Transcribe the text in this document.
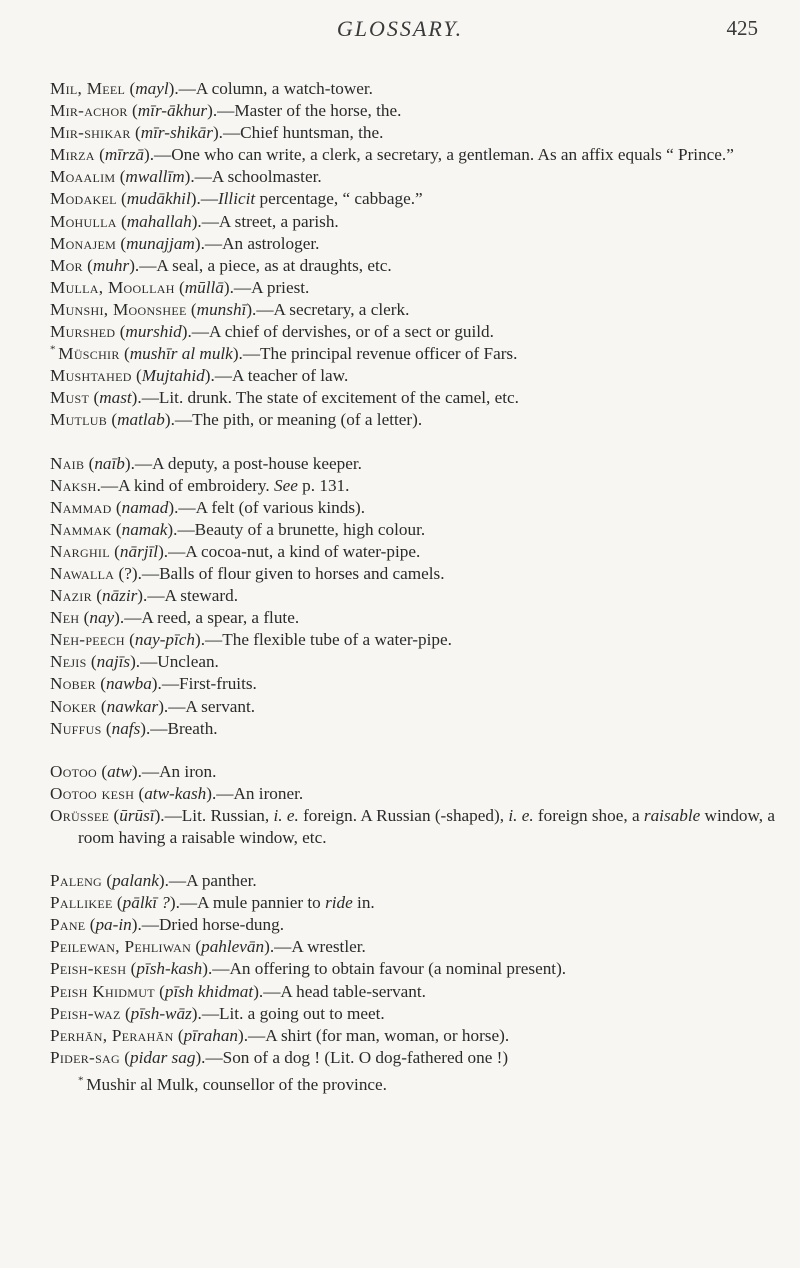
GLOSSARY.	425

Mil, Meel (mayl).—A column, a watch-tower.

Mir-achor (mīr-ākhur).—Master of the horse, the.

Mir-shikar (mīr-shikār).—Chief huntsman, the.

Mirza (mīrzā).—One who can write, a clerk, a secretary, a gentleman. As an affix equals “ Prince.”

Moaalim (mwallīm).—A schoolmaster.

Modakel (mudākhil).—Illicit percentage, “ cabbage.”

Mohulla (mahallah).—A street, a parish.

Monajem (munajjam).—An astrologer.

Mor (muhr).—A seal, a piece, as at draughts, etc.

Mulla, Moollah (mūllā).—A priest.

Munshi, Moonshee (munshī).—A secretary, a clerk.

Murshed (murshid).—A chief of dervishes, or of a sect or guild.

* Müschir (mushīr al mulk).—The principal revenue officer of Fars.

Mushtahed (Mujtahid).—A teacher of law.

Must (mast).—Lit. drunk. The state of excitement of the camel, etc.

Mutlub (matlab).—The pith, or meaning (of a letter).

Naib (naīb).—A deputy, a post-house keeper.

Naksh.—A kind of embroidery. See p. 131.

Nammad (namad).—A felt (of various kinds).

Nammak (namak).—Beauty of a brunette, high colour.

Narghil (nārjīl).—A cocoa-nut, a kind of water-pipe.

Nawalla (?).—Balls of flour given to horses and camels.

Nazir (nāzir).—A steward.

Neh (nay).—A reed, a spear, a flute.

Neh-peech (nay-pīch).—The flexible tube of a water-pipe.

Nejis (najīs).—Unclean.

Nober (nawba).—First-fruits.

Noker (nawkar).—A servant.

Nuffus (nafs).—Breath.

Ootoo (atw).—An iron.

Ootoo kesh (atw-kash).—An ironer.

Orüssee (ūrūsī).—Lit. Russian, i. e. foreign. A Russian (-shaped), i. e. foreign shoe, a raisable window, a room having a raisable window, etc.

Paleng (palank).—A panther.

Pallikee (pālkī ?).—A mule pannier to ride in.

Pane (pa-in).—Dried horse-dung.

Peilewan, Pehliwan (pahlevān).—A wrestler.

Peish-kesh (pīsh-kash).—An offering to obtain favour (a nominal present).

Peish Khidmut (pīsh khidmat).—A head table-servant.

Peish-waz (pīsh-wāz).—Lit. a going out to meet.

Perhān, Perahān (pīrahan).—A shirt (for man, woman, or horse).

Pider-sag (pidar sag).—Son of a dog ! (Lit. O dog-fathered one !)

* Mushir al Mulk, counsellor of the province.
